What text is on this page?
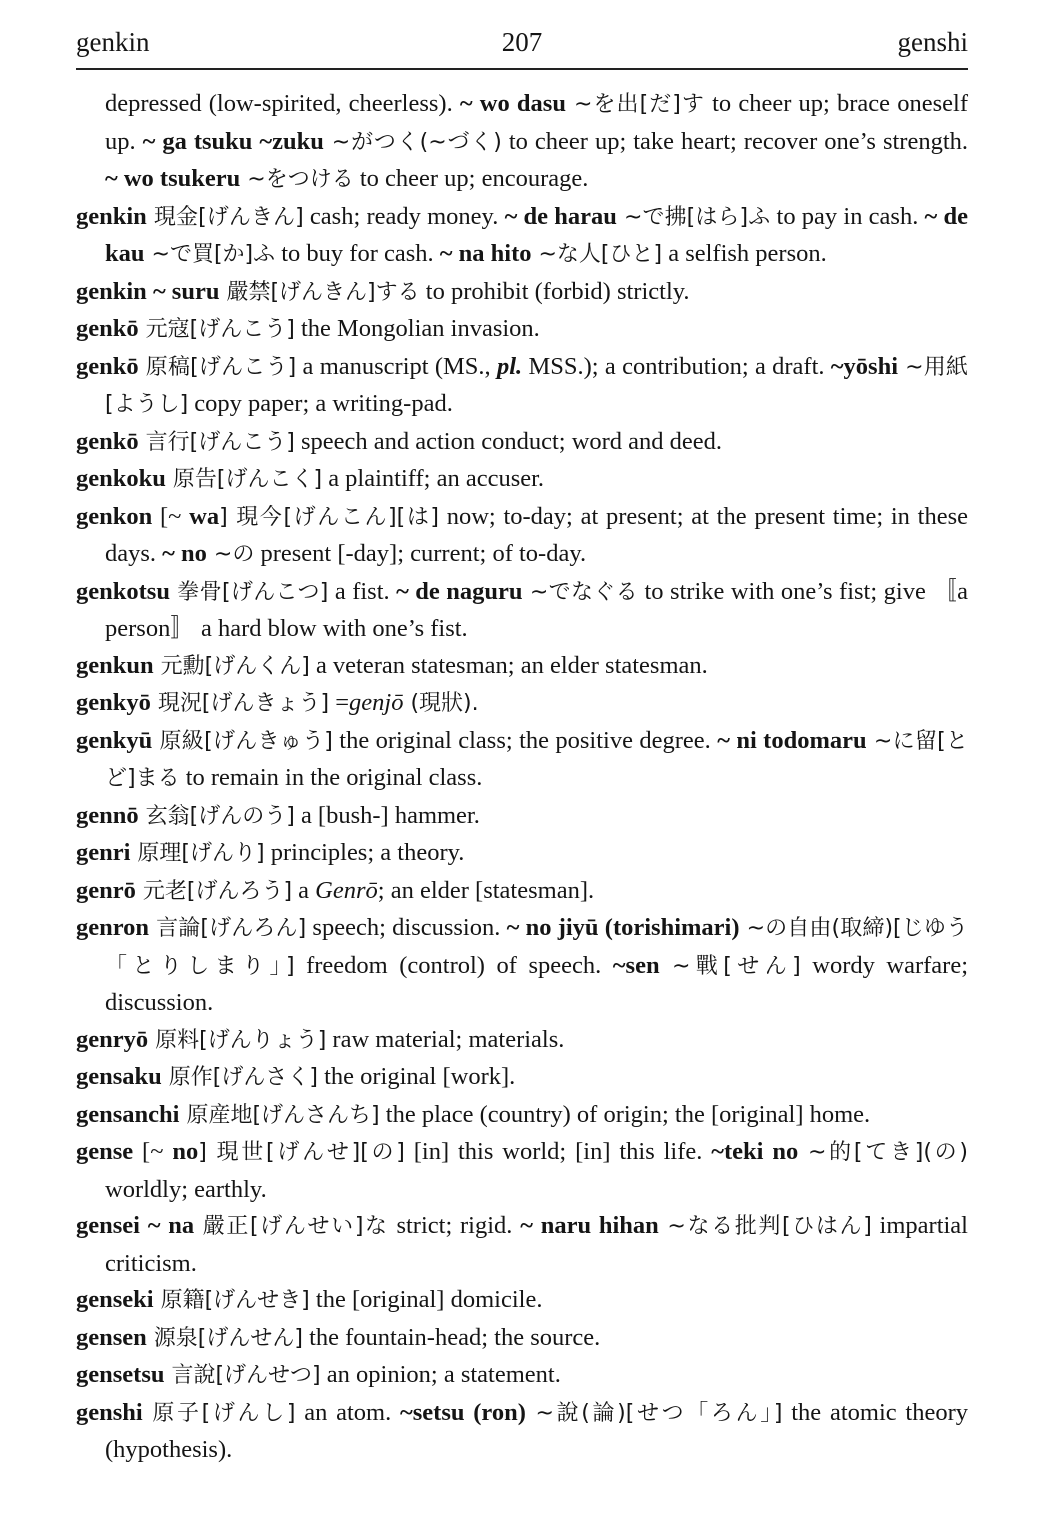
genkin	207	genshi

depressed (low-spirited, cheerless). ~ wo dasu ~を出[だ]す to cheer up; brace oneself up. ~ ga tsuku ~zuku ~がつく(~づく) to cheer up; take heart; recover one’s strength. ~ wo tsukeru ~をつける to cheer up; encourage.

genkin 現金[げんきん] cash; ready money. ~ de harau ~で拂[はら]ふ to pay in cash. ~ de kau ~で買[か]ふ to buy for cash. ~ na hito ~な人[ひと] a selfish person.

genkin ~ suru 嚴禁[げんきん]する to prohibit (forbid) strictly.

genkō 元寇[げんこう] the Mongolian invasion.

genkō 原稿[げんこう] a manuscript (MS., pl. MSS.); a contribution; a draft. ~yōshi ~用紙[ようし] copy paper; a writing-pad.

genkō 言行[げんこう] speech and action conduct; word and deed.

genkoku 原告[げんこく] a plaintiff; an accuser.

genkon [~ wa] 現今[げんこん][は] now; to-day; at present; at the present time; in these days. ~ no ~の present [-day]; current; of to-day.

genkotsu 拳骨[げんこつ] a fist. ~ de naguru ~でなぐる to strike with one’s fist; give 〚a person〛 a hard blow with one’s fist.

genkun 元勳[げんくん] a veteran statesman; an elder statesman.

genkyō 現況[げんきょう] =genjō (現狀).

genkyū 原級[げんきゅう] the original class; the positive degree. ~ ni todomaru ~に留[とど]まる to remain in the original class.

gennō 玄翁[げんのう] a [bush-] hammer.

genri 原理[げんり] principles; a theory.

genrō 元老[げんろう] a Genrō; an elder [statesman].

genron 言論[げんろん] speech; discussion. ~ no jiyū (torishimari) ~の自由(取締)[じゆう「とりしまり」] freedom (control) of speech. ~sen ~戰[せん] wordy warfare; discussion.

genryō 原料[げんりょう] raw material; materials.

gensaku 原作[げんさく] the original [work].

gensanchi 原産地[げんさんち] the place (country) of origin; the [original] home.

gense [~ no] 現世[げんせ][の] [in] this world; [in] this life. ~teki no ~的[てき](の) worldly; earthly.

gensei ~ na 嚴正[げんせい]な strict; rigid. ~ naru hihan ~なる批判[ひはん] impartial criticism.

genseki 原籍[げんせき] the [original] domicile.

gensen 源泉[げんせん] the fountain-head; the source.

gensetsu 言說[げんせつ] an opinion; a statement.

genshi 原子[げんし] an atom. ~setsu (ron) ~說(論)[せつ「ろん」] the atomic theory (hypothesis).
